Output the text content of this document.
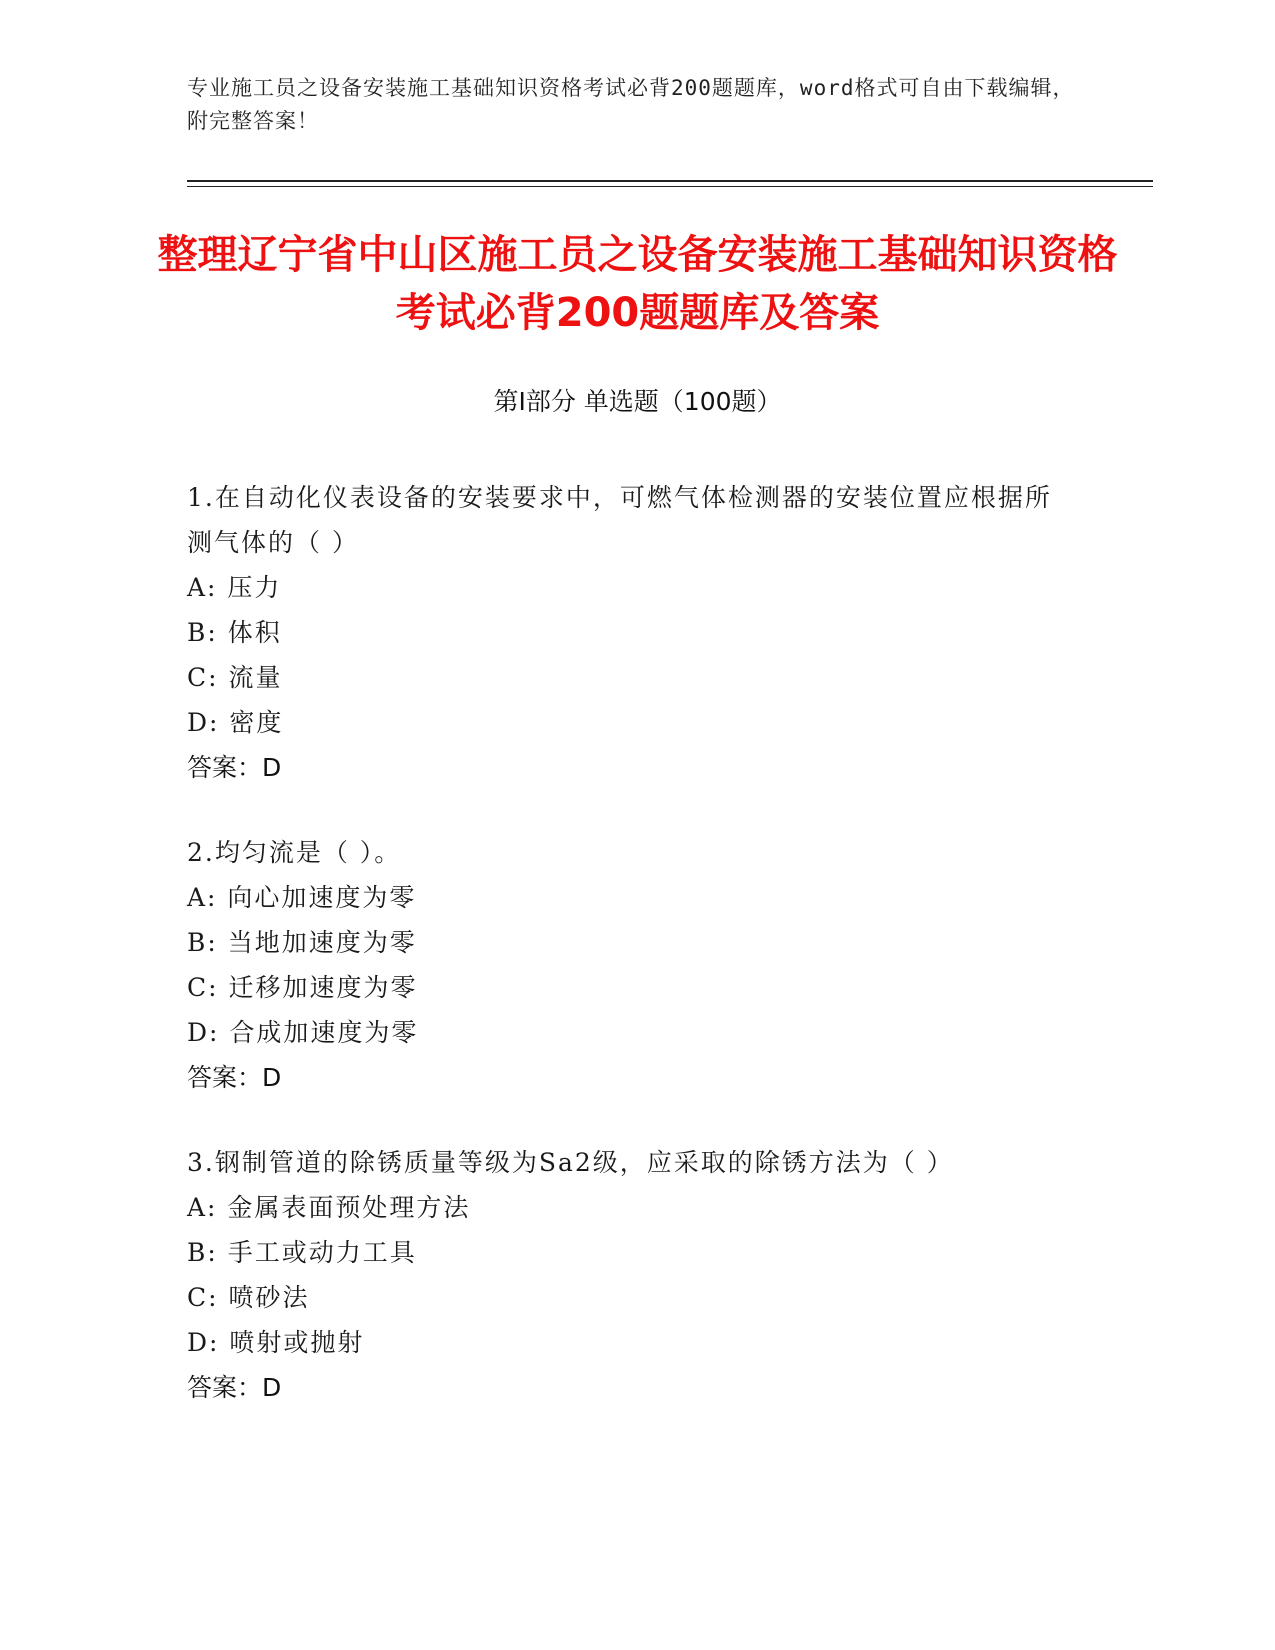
专业施工员之设备安装施工基础知识资格考试必背200题题库，word格式可自由下载编辑，附完整答案！
整理辽宁省中山区施工员之设备安装施工基础知识资格考试必背200题题库及答案
第Ⅰ部分 单选题（100题）
1.在自动化仪表设备的安装要求中，可燃气体检测器的安装位置应根据所测气体的（ ）
A: 压力
B: 体积
C: 流量
D: 密度
答案：D
2.均匀流是（ ）。
A: 向心加速度为零
B: 当地加速度为零
C: 迁移加速度为零
D: 合成加速度为零
答案：D
3.钢制管道的除锈质量等级为Sa2级，应采取的除锈方法为（ ）
A: 金属表面预处理方法
B: 手工或动力工具
C: 喷砂法
D: 喷射或抛射
答案：D
